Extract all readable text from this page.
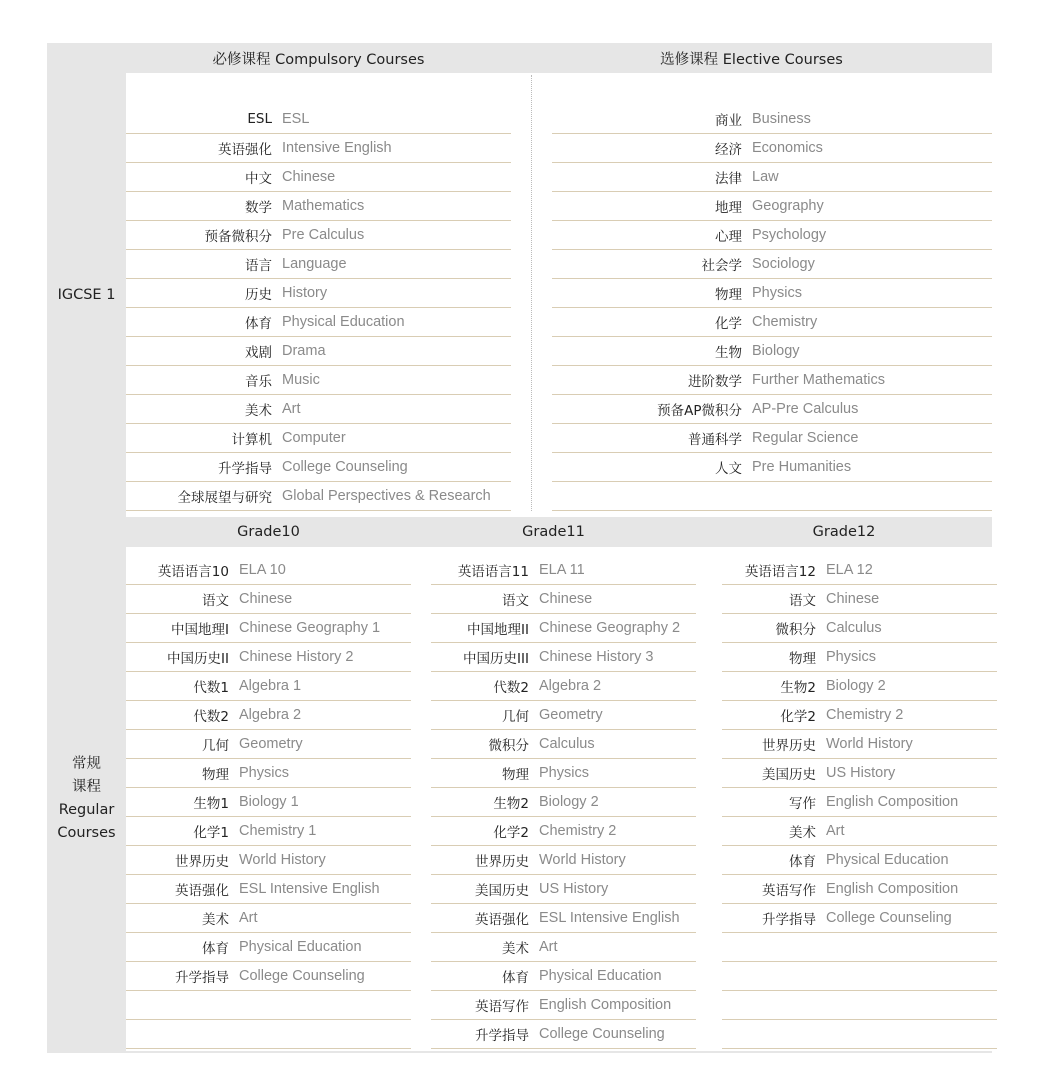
必修课程 Compulsory Courses	选修课程 Elective Courses
IGCSE 1
ESL ESL
英语强化 Intensive English
中文 Chinese
数学 Mathematics
预备微积分 Pre Calculus
语言 Language
历史 History
体育 Physical Education
戏剧 Drama
音乐 Music
美术 Art
计算机 Computer
升学指导 College Counseling
全球展望与研究 Global Perspectives & Research
商业 Business
经济 Economics
法律 Law
地理 Geography
心理 Psychology
社会学 Sociology
物理 Physics
化学 Chemistry
生物 Biology
进阶数学 Further Mathematics
预备AP微积分 AP-Pre Calculus
普通科学 Regular Science
人文 Pre Humanities
Grade10	Grade11	Grade12
常规
课程
Regular
Courses
英语语言10 ELA 10
语文 Chinese
中国地理I Chinese Geography 1
中国历史II Chinese History 2
代数1 Algebra 1
代数2 Algebra 2
几何 Geometry
物理 Physics
生物1 Biology 1
化学1 Chemistry 1
世界历史 World History
英语强化 ESL Intensive English
美术 Art
体育 Physical Education
升学指导 College Counseling
英语语言11 ELA 11
语文 Chinese
中国地理II Chinese Geography 2
中国历史III Chinese History 3
代数2 Algebra 2
几何 Geometry
微积分 Calculus
物理 Physics
生物2 Biology 2
化学2 Chemistry 2
世界历史 World History
美国历史 US History
英语强化 ESL Intensive English
美术 Art
体育 Physical Education
英语写作 English Composition
升学指导 College Counseling
英语语言12 ELA 12
语文 Chinese
微积分 Calculus
物理 Physics
生物2 Biology 2
化学2 Chemistry 2
世界历史 World History
美国历史 US History
写作 English Composition
美术 Art
体育 Physical Education
英语写作 English Composition
升学指导 College Counseling
